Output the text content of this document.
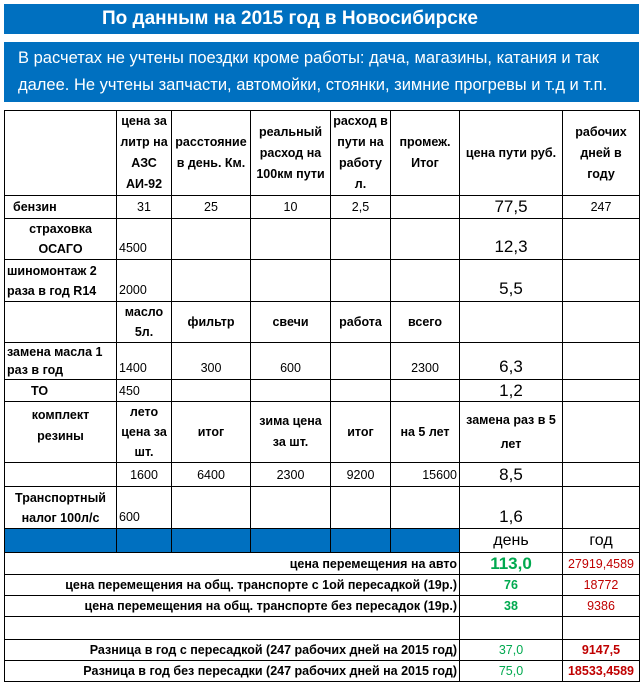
По данным на 2015 год в Новосибирске
В расчетах не учтены поездки кроме работы: дача, магазины, катания и так далее. Не учтены запчасти, автомойки, стоянки, зимние прогревы и т.д и т.п.
	цена за литр на АЗС АИ-92	расстояние в день. Км.	реальный расход на 100км пути	расход в пути на работу л.	промеж. Итог	цена пути руб.	рабочих дней в году
бензин	31	25	10	2,5		77,5	247
страховка ОСАГО	4500					12,3	
шиномонтаж 2 раза в год R14	2000					5,5	
	масло 5л.	фильтр	свечи	работа	всего		
замена масла 1 раз в год	1400	300	600		2300	6,3	
ТО	450					1,2	
комплект резины	лето цена за шт.	итог	зима цена за шт.	итог	на 5 лет	замена раз в 5 лет	
	1600	6400	2300	9200	15600	8,5	
Транспортный налог 100л/с	600					1,6	
						день	год
цена перемещения на авто						113,0	27919,4589
цена перемещения на общ. транспорте с 1ой пересадкой (19р.)						76	18772
цена перемещения на общ. транспорте без пересадок (19р.)						38	9386

Разница в год с пересадкой (247 рабочих дней на 2015 год)						37,0	9147,5
Разница в год без пересадки (247 рабочих дней на 2015 год)						75,0	18533,4589
